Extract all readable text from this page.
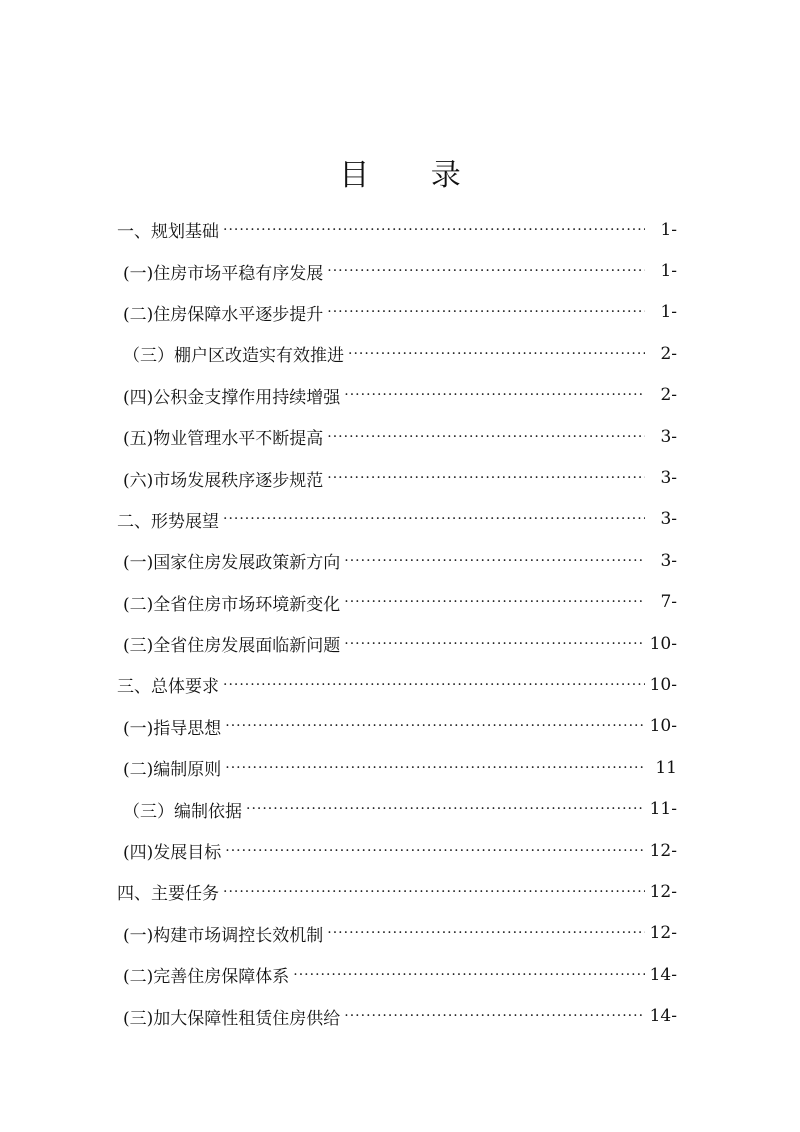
目 录
一、规划基础 ·····	1-
(一)住房市场平稳有序发展 ·····	1-
(二)住房保障水平逐步提升 ·····	1-
（三）棚户区改造实有效推进 ·····	2-
(四)公积金支撑作用持续增强 ·····	2-
(五)物业管理水平不断提高 ·····	3-
(六)市场发展秩序逐步规范 ·····	3-
二、形势展望 ·····	3-
(一)国家住房发展政策新方向 ·····	3-
(二)全省住房市场环境新变化 ·····	7-
(三)全省住房发展面临新问题 ·····	10-
三、总体要求 ·····	10-
(一)指导思想 ·····	10-
(二)编制原则 ·····	11
（三）编制依据 ·····	11-
(四)发展目标 ·····	12-
四、主要任务 ·····	12-
(一)构建市场调控长效机制 ·····	12-
(二)完善住房保障体系 ·····	14-
(三)加大保障性租赁住房供给 ·····	14-
